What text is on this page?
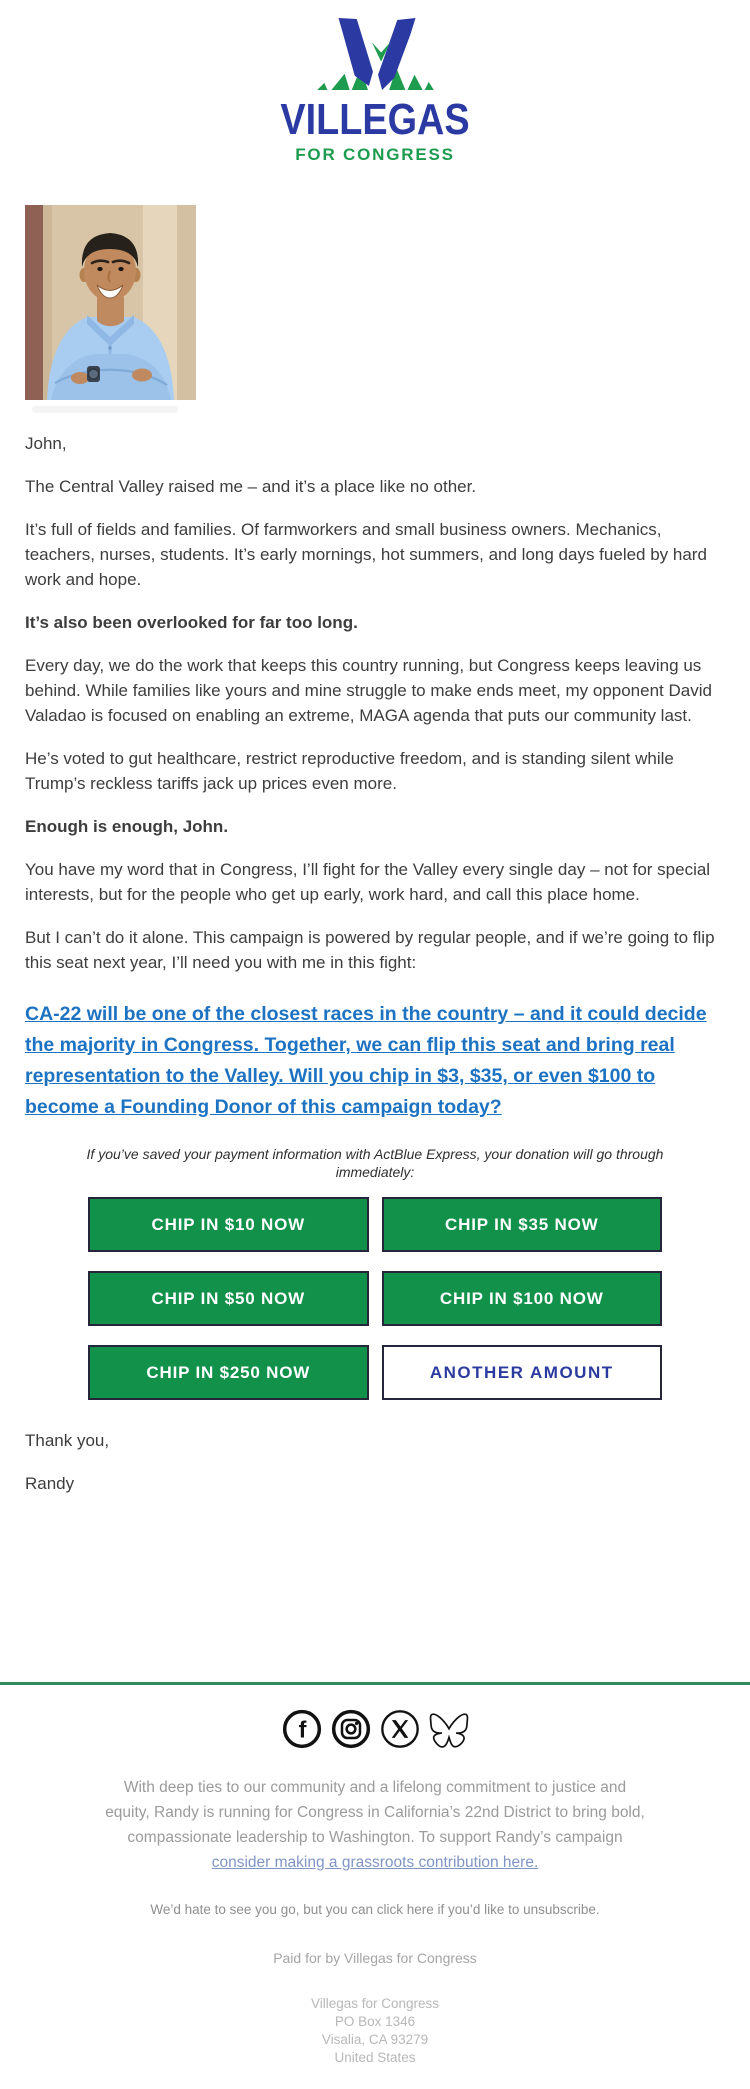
VILLEGAS
FOR CONGRESS

John,

The Central Valley raised me – and it’s a place like no other.

It’s full of fields and families. Of farmworkers and small business owners. Mechanics, teachers, nurses, students. It’s early mornings, hot summers, and long days fueled by hard work and hope.

It’s also been overlooked for far too long.

Every day, we do the work that keeps this country running, but Congress keeps leaving us behind. While families like yours and mine struggle to make ends meet, my opponent David Valadao is focused on enabling an extreme, MAGA agenda that puts our community last.

He’s voted to gut healthcare, restrict reproductive freedom, and is standing silent while Trump’s reckless tariffs jack up prices even more.

Enough is enough, John.

You have my word that in Congress, I’ll fight for the Valley every single day – not for special interests, but for the people who get up early, work hard, and call this place home.

But I can’t do it alone. This campaign is powered by regular people, and if we’re going to flip this seat next year, I’ll need you with me in this fight:

CA-22 will be one of the closest races in the country – and it could decide the majority in Congress. Together, we can flip this seat and bring real representation to the Valley. Will you chip in $3, $35, or even $100 to become a Founding Donor of this campaign today?
If you’ve saved your payment information with ActBlue Express, your donation will go through immediately:
CHIP IN $10 NOW	CHIP IN $35 NOW
CHIP IN $50 NOW	CHIP IN $100 NOW
CHIP IN $250 NOW	ANOTHER AMOUNT

Thank you,

Randy

f
With deep ties to our community and a lifelong commitment to justice and equity, Randy is running for Congress in California’s 22nd District to bring bold, compassionate leadership to Washington. To support Randy’s campaign consider making a grassroots contribution here.
We’d hate to see you go, but you can click here if you’d like to unsubscribe.
Paid for by Villegas for Congress
Villegas for Congress
PO Box 1346
Visalia, CA 93279
United States
